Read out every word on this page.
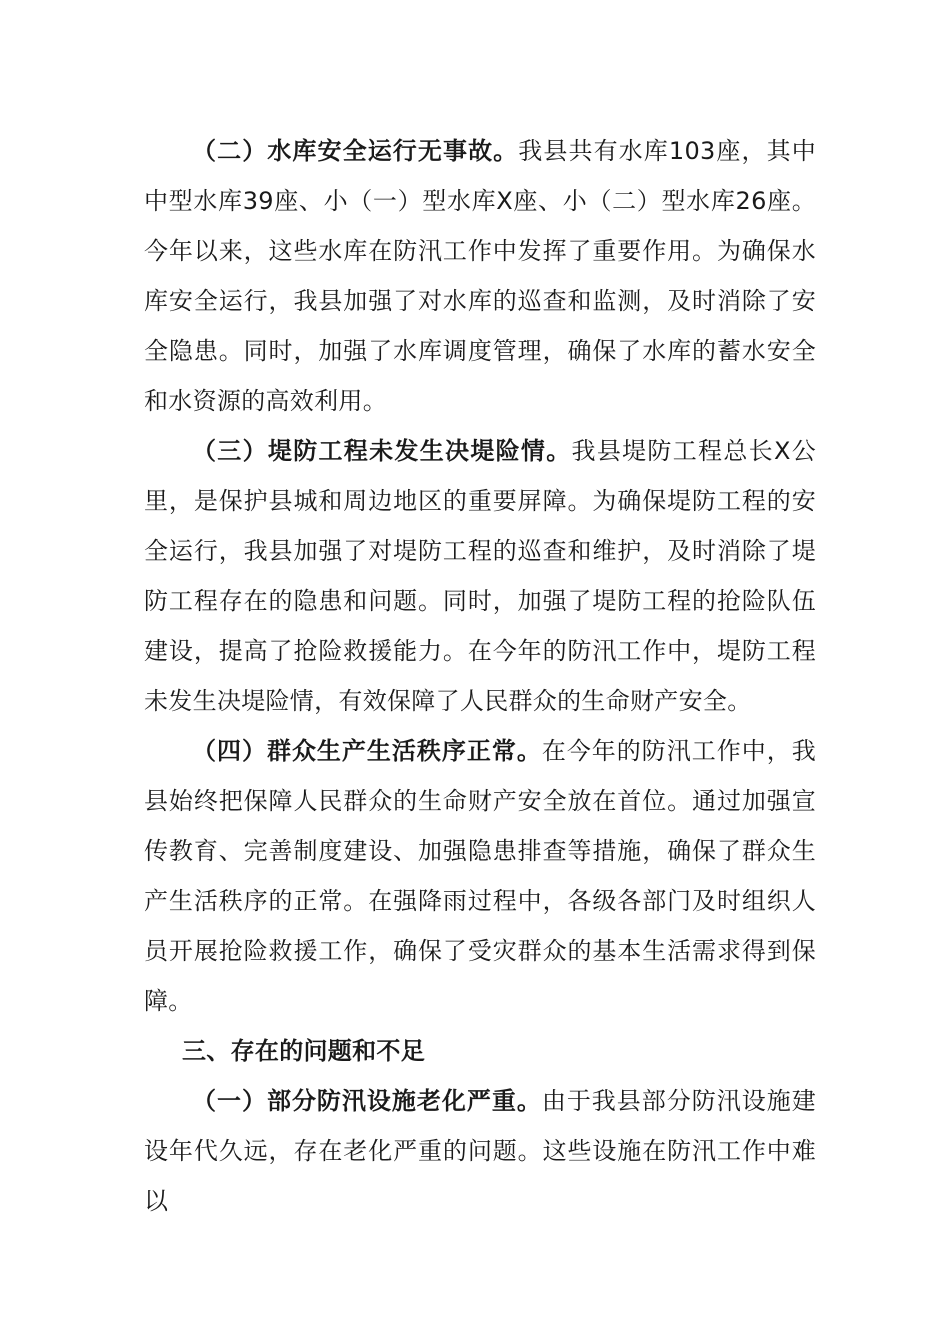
（二）水库安全运行无事故。我县共有水库103座，其中中型水库39座、小（一）型水库X座、小（二）型水库26座。今年以来，这些水库在防汛工作中发挥了重要作用。为确保水库安全运行，我县加强了对水库的巡查和监测，及时消除了安全隐患。同时，加强了水库调度管理，确保了水库的蓄水安全和水资源的高效利用。

（三）堤防工程未发生决堤险情。我县堤防工程总长X公里，是保护县城和周边地区的重要屏障。为确保堤防工程的安全运行，我县加强了对堤防工程的巡查和维护，及时消除了堤防工程存在的隐患和问题。同时，加强了堤防工程的抢险队伍建设，提高了抢险救援能力。在今年的防汛工作中，堤防工程未发生决堤险情，有效保障了人民群众的生命财产安全。

（四）群众生产生活秩序正常。在今年的防汛工作中，我县始终把保障人民群众的生命财产安全放在首位。通过加强宣传教育、完善制度建设、加强隐患排查等措施，确保了群众生产生活秩序的正常。在强降雨过程中，各级各部门及时组织人员开展抢险救援工作，确保了受灾群众的基本生活需求得到保障。

三、存在的问题和不足

（一）部分防汛设施老化严重。由于我县部分防汛设施建设年代久远，存在老化严重的问题。这些设施在防汛工作中难以
